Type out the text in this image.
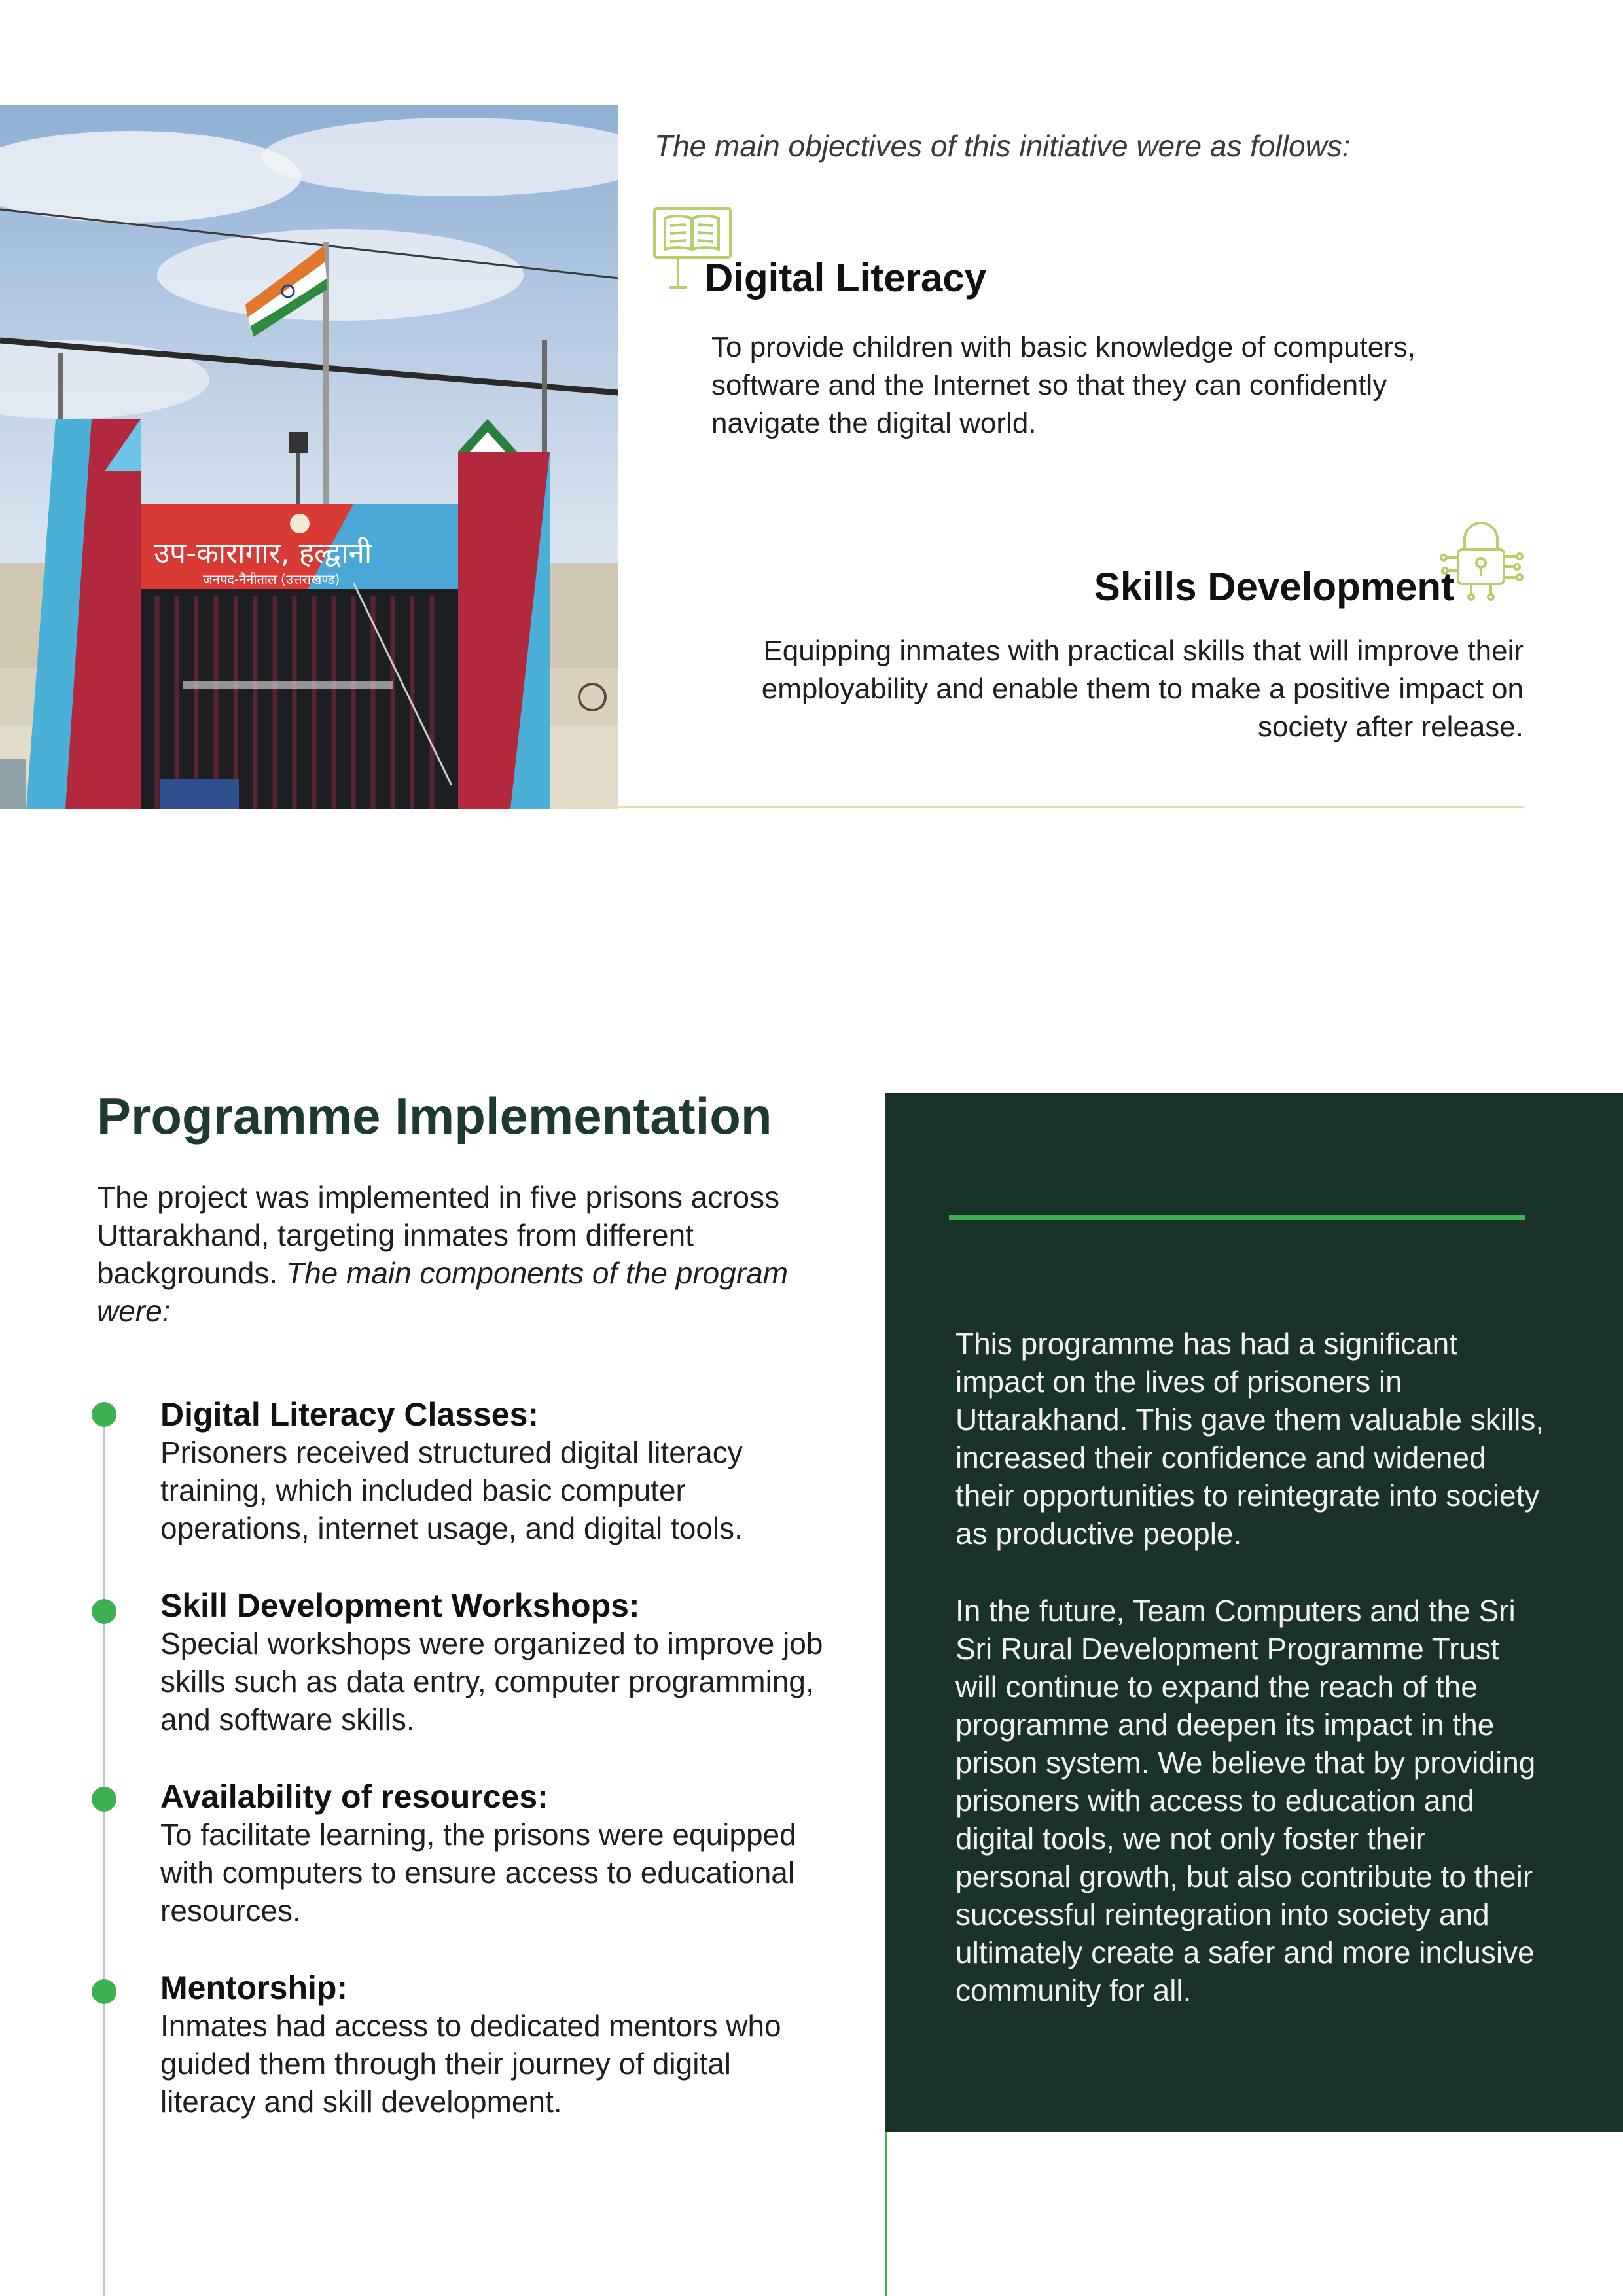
उप-कारागार, हल्द्वानी
जनपद-नैनीताल (उत्तराखण्ड)
The main objectives of this initiative were as follows:
Digital Literacy
To provide children with basic knowledge of computers, software and the Internet so that they can confidently navigate the digital world.
Skills Development
Equipping inmates with practical skills that will improve their employability and enable them to make a positive impact on society after release.
Programme Implementation
The project was implemented in five prisons across Uttarakhand, targeting inmates from different backgrounds. The main components of the program were:
Digital Literacy Classes:
Prisoners received structured digital literacy training, which included basic computer operations, internet usage, and digital tools.
Skill Development Workshops:
Special workshops were organized to improve job skills such as data entry, computer programming, and software skills.
Availability of resources:
To facilitate learning, the prisons were equipped with computers to ensure access to educational resources.
Mentorship:
Inmates had access to dedicated mentors who guided them through their journey of digital literacy and skill development.
This programme has had a significant impact on the lives of prisoners in Uttarakhand. This gave them valuable skills, increased their confidence and widened their opportunities to reintegrate into society as productive people.
In the future, Team Computers and the Sri Sri Rural Development Programme Trust will continue to expand the reach of the programme and deepen its impact in the prison system. We believe that by providing prisoners with access to education and digital tools, we not only foster their personal growth, but also contribute to their successful reintegration into society and ultimately create a safer and more inclusive community for all.
